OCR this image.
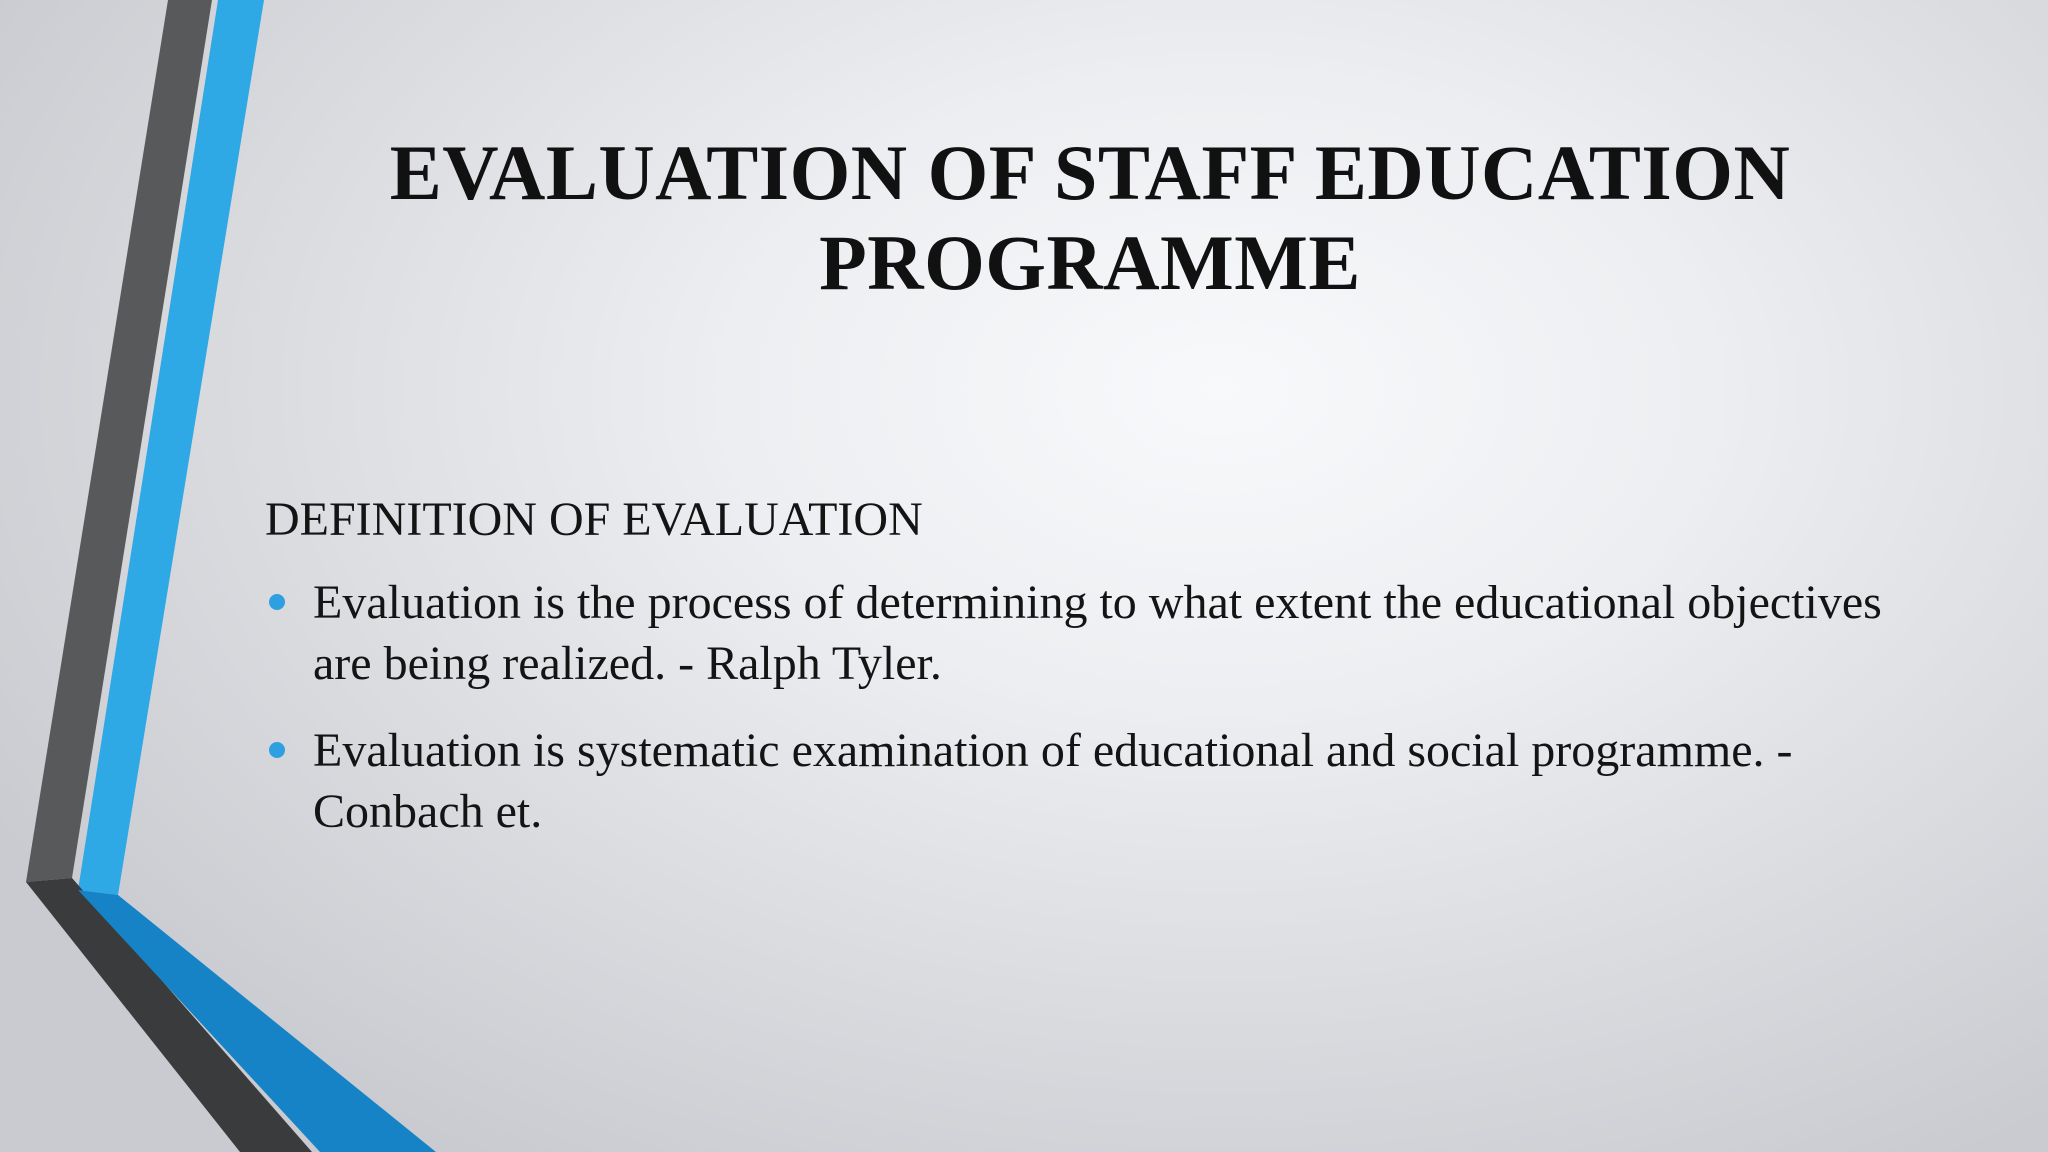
EVALUATION OF STAFF EDUCATION PROGRAMME

DEFINITION OF EVALUATION

Evaluation is the process of determining to what extent the educational objectives are being realized. - Ralph Tyler.
Evaluation is systematic examination of educational and social programme. - Conbach et.
